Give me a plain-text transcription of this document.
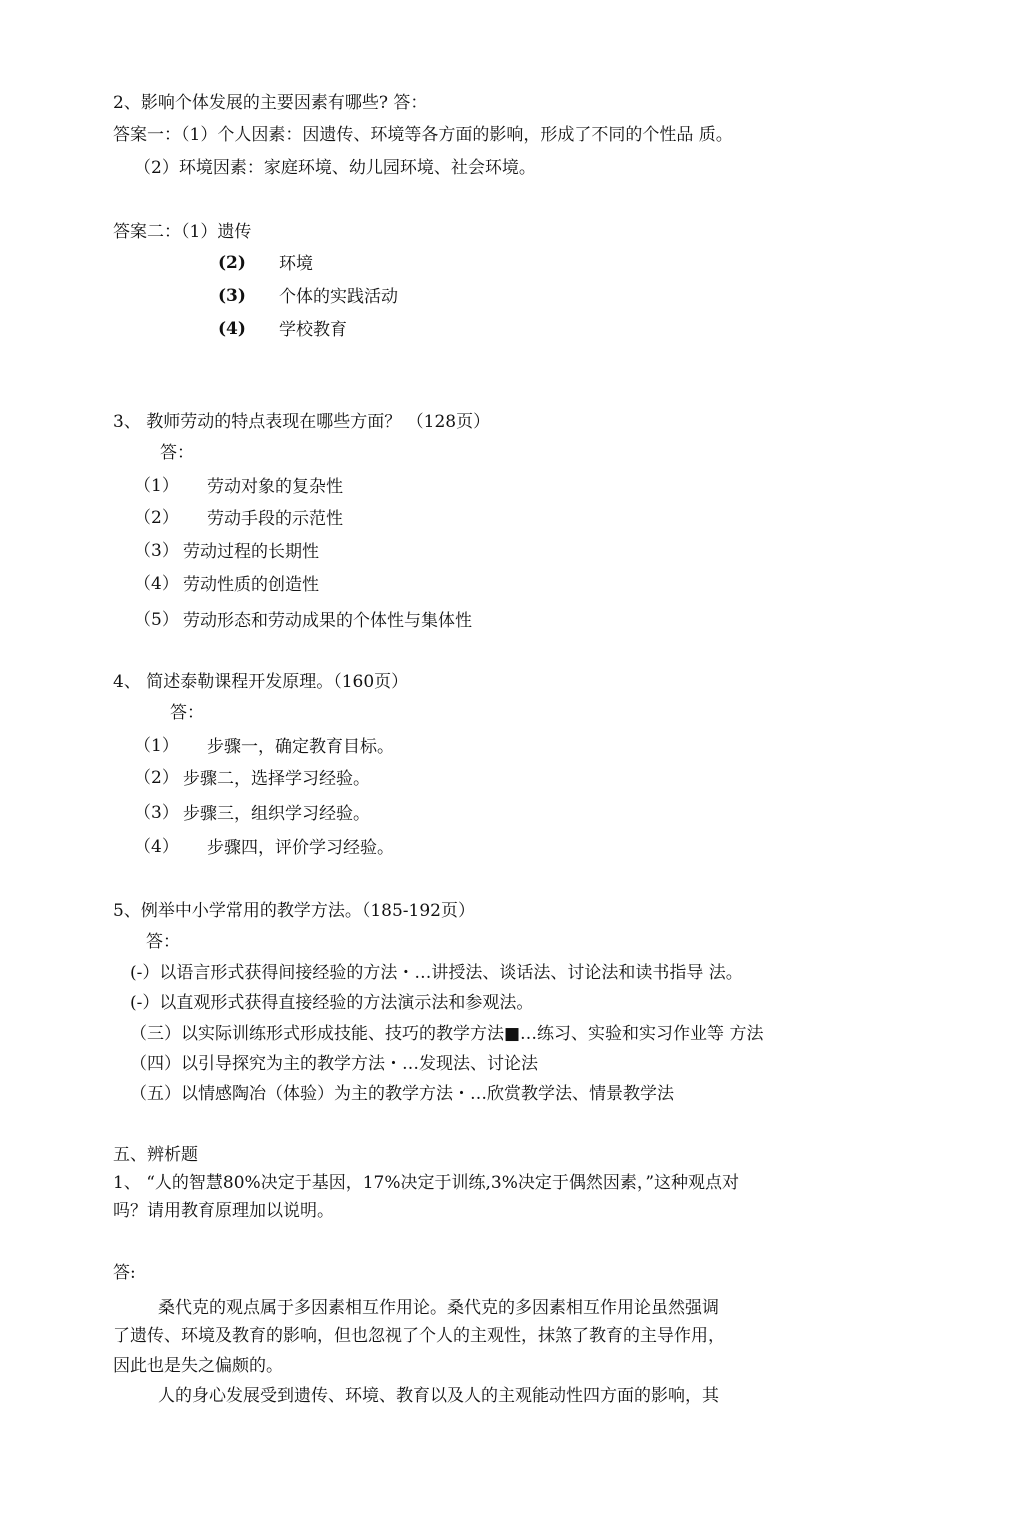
2、影响个体发展的主要因素有哪些? 答：
答案一：（1）个人因素：因遗传、环境等各方面的影响，形成了不同的个性品 质。
（2）环境因素：家庭环境、幼儿园环境、社会环境。
答案二：（1）遗传
(2) 环境
(3) 个体的实践活动
(4) 学校教育
3、 教师劳动的特点表现在哪些方面？ （128页）
答：
（1） 劳动对象的复杂性
（2） 劳动手段的示范性
（3） 劳动过程的长期性
（4） 劳动性质的创造性
（5） 劳动形态和劳动成果的个体性与集体性
4、 简述泰勒课程开发原理。（160页）
答：
（1） 步骤一，确定教育目标。
（2） 步骤二，选择学习经验。
（3） 步骤三，组织学习经验。
（4） 步骤四，评价学习经验。
5、例举中小学常用的教学方法。（185-192页）
答：
(-）以语言形式获得间接经验的方法・…讲授法、谈话法、讨论法和读书指导 法。
(-）以直观形式获得直接经验的方法演示法和参观法。
（三）以实际训练形式形成技能、技巧的教学方法■…练习、实验和实习作业等 方法
（四）以引导探究为主的教学方法・…发现法、讨论法
（五）以情感陶冶（体验）为主的教学方法・…欣赏教学法、情景教学法
五、辨析题
1、 “人的智慧80%决定于基因，17%决定于训练,3%决定于偶然因素，”这种观点对
吗？请用教育原理加以说明。
答:
桑代克的观点属于多因素相互作用论。桑代克的多因素相互作用论虽然强调
了遗传、环境及教育的影响，但也忽视了个人的主观性，抹煞了教育的主导作用，
因此也是失之偏颇的。
人的身心发展受到遗传、环境、教育以及人的主观能动性四方面的影响，其
